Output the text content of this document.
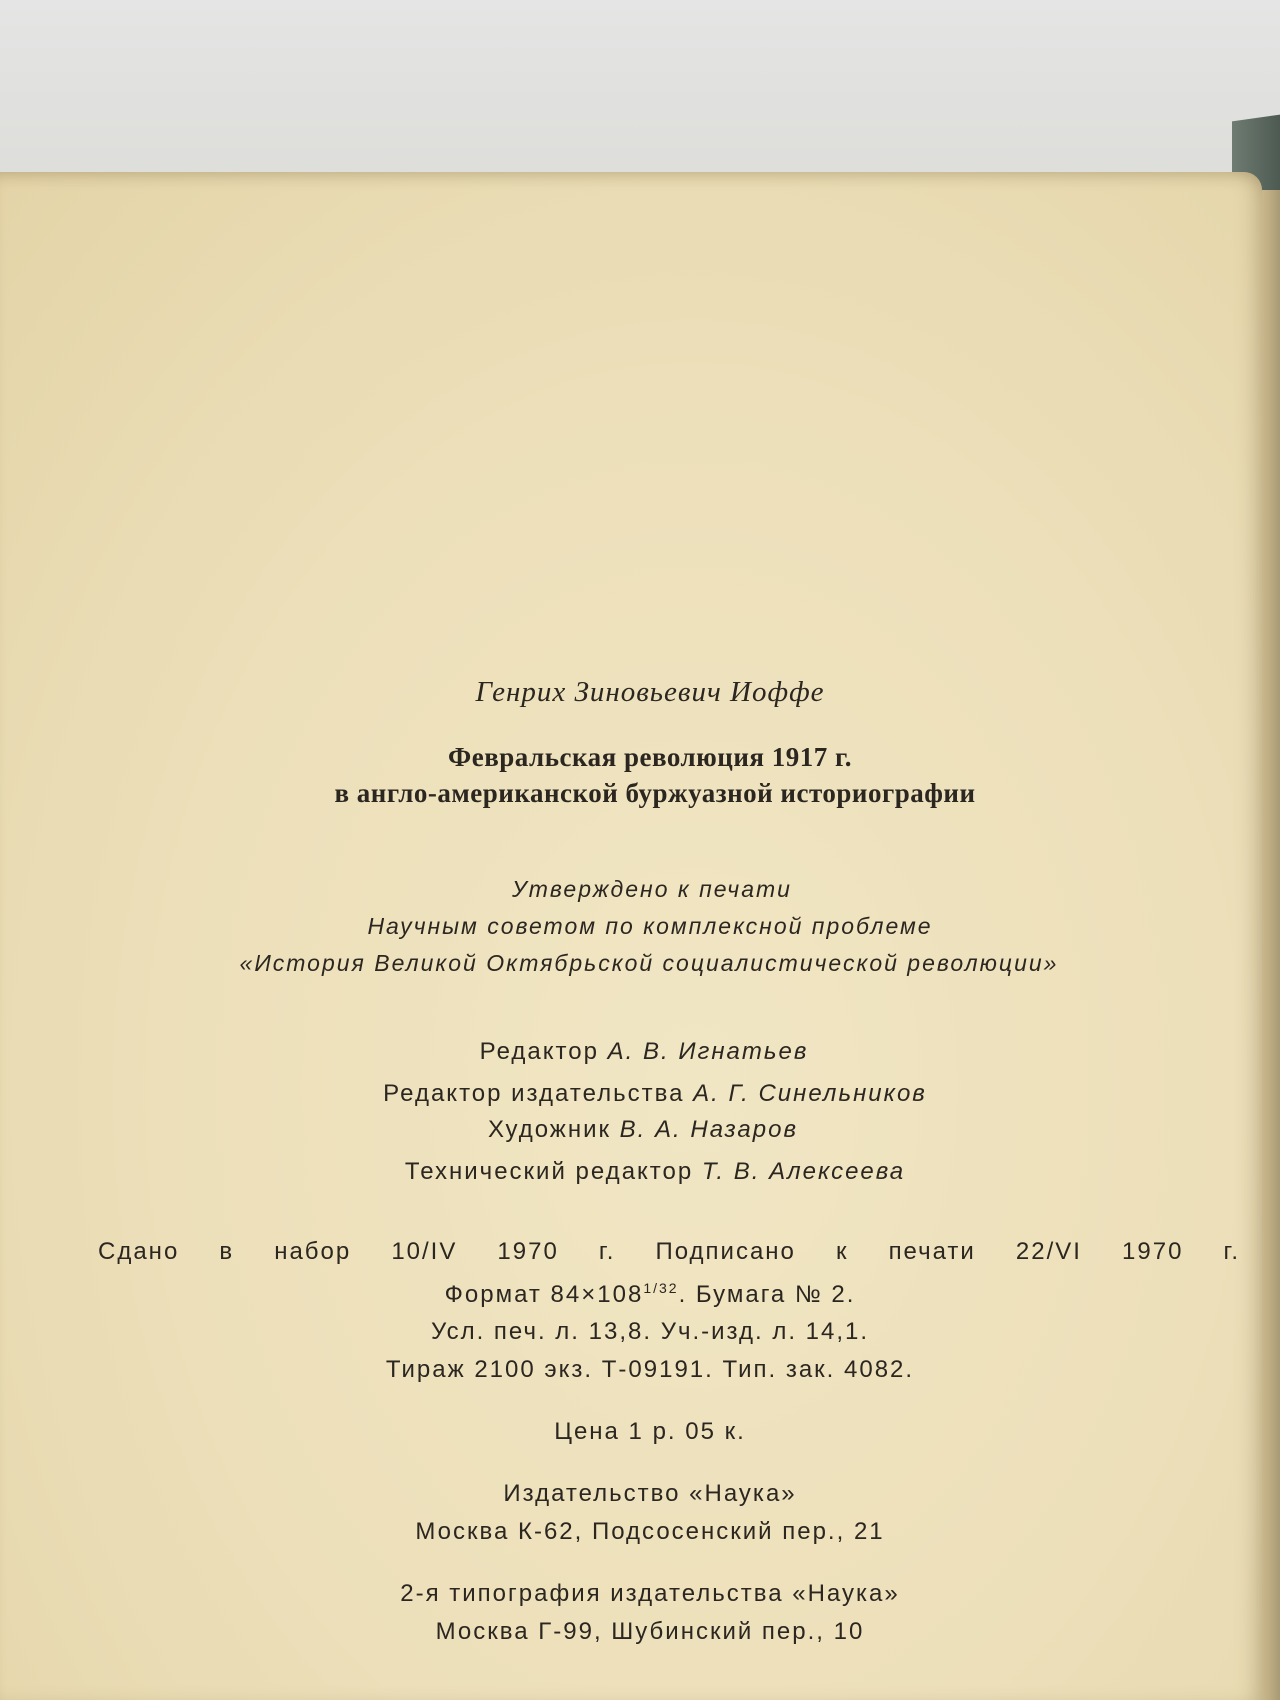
Генрих Зиновьевич Иоффе
Февральская революция 1917 г.
в англо-американской буржуазной историографии
Утверждено к печати
Научным советом по комплексной проблеме
«История Великой Октябрьской социалистической революции»
Редактор А. В. Игнатьев
Редактор издательства А. Г. Синельников
Художник В. А. Назаров
Технический редактор Т. В. Алексеева
Сдано в набор 10/IV 1970 г. Подписано к печати 22/VI 1970 г.
Формат $84\times 108^{1/32}$. Бумага № 2.
Усл. печ. л. 13,8. Уч.-изд. л. 14,1.
Тираж 2100 экз. Т-09191. Тип. зак. 4082.
Цена 1 р. 05 к.
Издательство «Наука»
Москва К-62, Подсосенский пер., 21
2-я типография издательства «Наука»
Москва Г-99, Шубинский пер., 10
